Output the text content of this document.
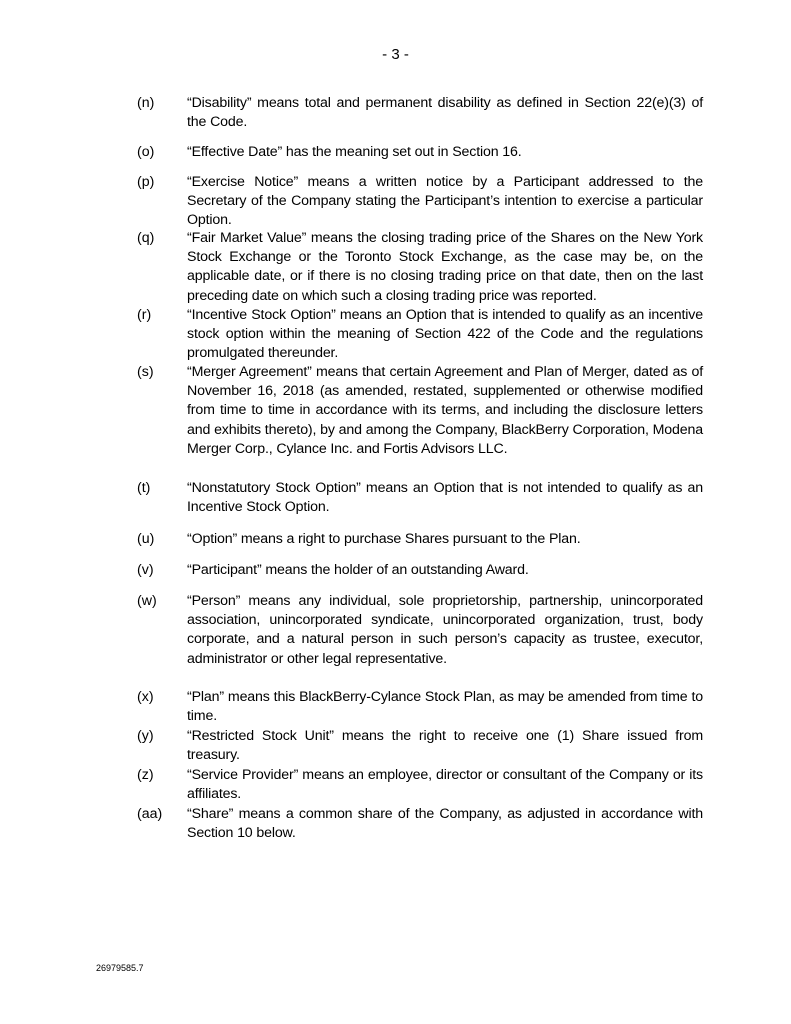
- 3 -
(n) “Disability” means total and permanent disability as defined in Section 22(e)(3) of the Code.
(o) “Effective Date” has the meaning set out in Section 16.
(p) “Exercise Notice” means a written notice by a Participant addressed to the Secretary of the Company stating the Participant’s intention to exercise a particular Option.
(q) “Fair Market Value” means the closing trading price of the Shares on the New York Stock Exchange or the Toronto Stock Exchange, as the case may be, on the applicable date, or if there is no closing trading price on that date, then on the last preceding date on which such a closing trading price was reported.
(r)	“Incentive Stock Option” means an Option that is intended to qualify as an incentive stock option within the meaning of Section 422 of the Code and the regulations promulgated thereunder.
(s) “Merger Agreement” means that certain Agreement and Plan of Merger, dated as of November 16, 2018 (as amended, restated, supplemented or otherwise modified from time to time in accordance with its terms, and including the disclosure letters and exhibits thereto), by and among the Company, BlackBerry Corporation, Modena Merger Corp., Cylance Inc. and Fortis Advisors LLC.
(t)	“Nonstatutory Stock Option” means an Option that is not intended to qualify as an Incentive Stock Option.
(u) “Option” means a right to purchase Shares pursuant to the Plan.
(v) “Participant” means the holder of an outstanding Award.
(w) “Person” means any individual, sole proprietorship, partnership, unincorporated association, unincorporated syndicate, unincorporated organization, trust, body corporate, and a natural person in such person’s capacity as trustee, executor, administrator or other legal representative.
(x) “Plan” means this BlackBerry-Cylance Stock Plan, as may be amended from time to time.
(y) “Restricted Stock Unit” means the right to receive one (1) Share issued from treasury.
(z) “Service Provider” means an employee, director or consultant of the Company or its affiliates.
(aa) “Share” means a common share of the Company, as adjusted in accordance with Section 10 below.
26979585.7
